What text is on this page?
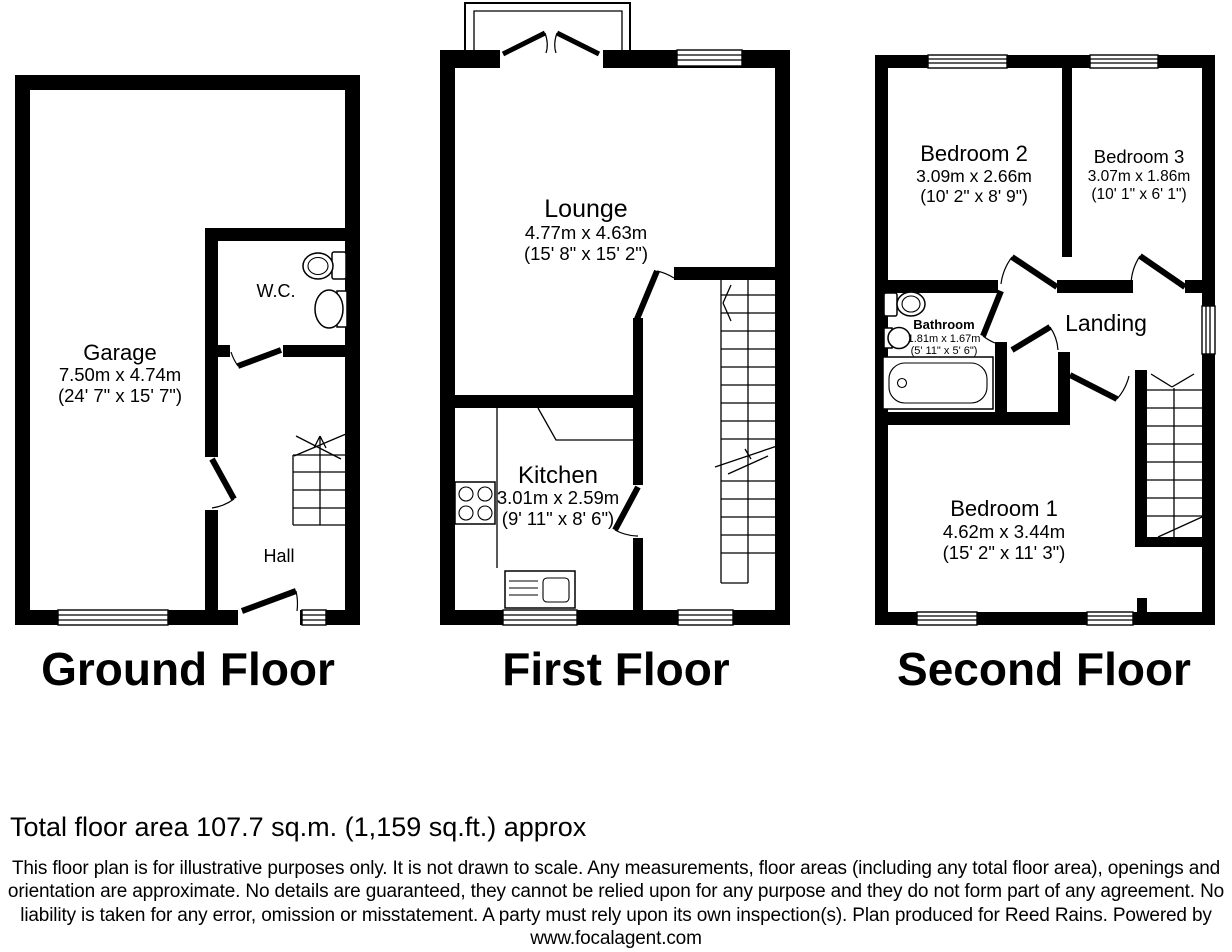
Garage
7.50m x 4.74m
(24' 7" x 15' 7")
W.C.
Hall
Lounge
4.77m x 4.63m
(15' 8" x 15' 2")
Kitchen
3.01m x 2.59m
(9' 11" x 8' 6")
Bedroom 2
3.09m x 2.66m
(10' 2" x 8' 9")
Bedroom 3
3.07m x 1.86m
(10' 1" x 6' 1")
Bathroom
1.81m x 1.67m
(5' 11" x 5' 6")
Landing
Bedroom 1
4.62m x 3.44m
(15' 2" x 11' 3")
Ground Floor	First Floor	Second Floor
Total floor area 107.7 sq.m. (1,159 sq.ft.) approx
This floor plan is for illustrative purposes only. It is not drawn to scale. Any measurements, floor areas (including any total floor area), openings and orientation are approximate. No details are guaranteed, they cannot be relied upon for any purpose and they do not form part of any agreement. No liability is taken for any error, omission or misstatement. A party must rely upon its own inspection(s). Plan produced for Reed Rains. Powered by www.focalagent.com
